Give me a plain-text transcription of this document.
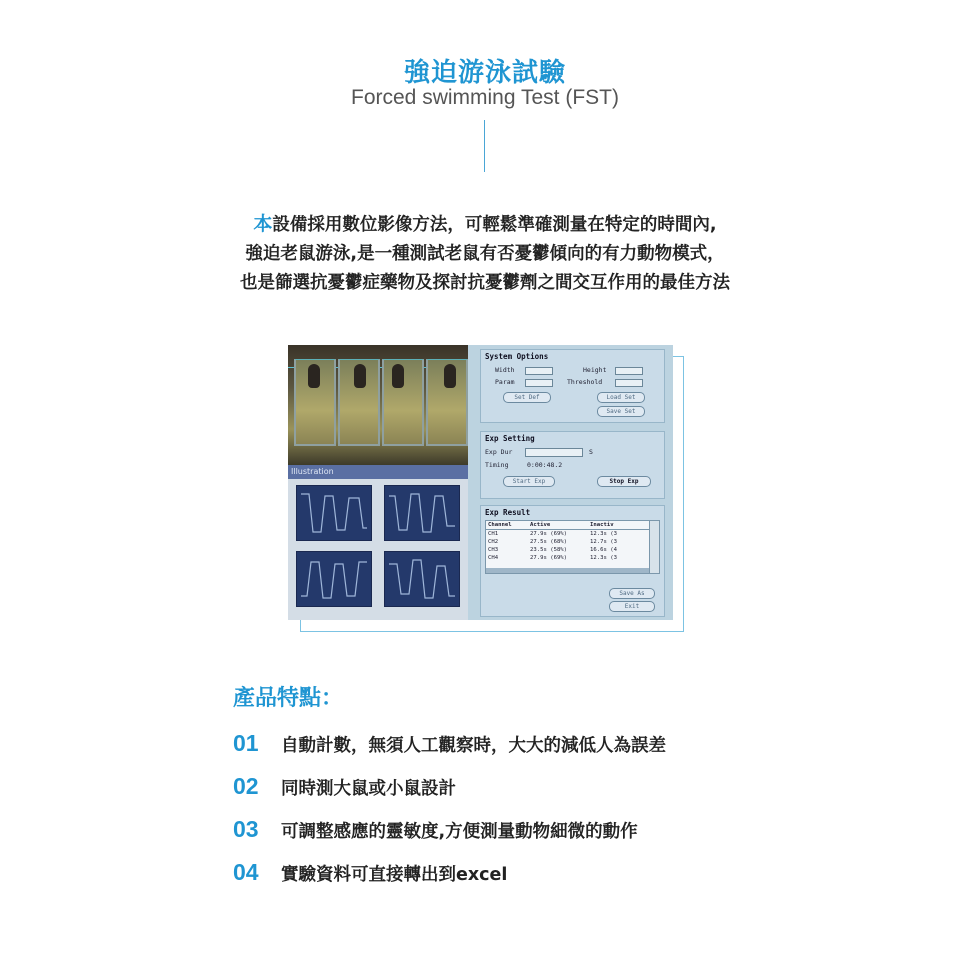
強迫游泳試驗
Forced swimming Test (FST)
本設備採用數位影像方法，可輕鬆準確測量在特定的時間內,
強迫老鼠游泳,是一種測試老鼠有否憂鬱傾向的有力動物模式，
也是篩選抗憂鬱症藥物及探討抗憂鬱劑之間交互作用的最佳方法
Illustration
System Options
Width	Height
Param	Threshold
Set Def	Load Set
Save Set
Exp Setting
Exp Dur	S
Timing	0:00:48.2
Start Exp	Stop Exp
Exp Result
Channel	Active	Inactiv
CH1	27.9s (69%)	12.3s (3
CH2	27.5s (68%)	12.7s (3
CH3	23.5s (58%)	16.6s (4
CH4	27.9s (69%)	12.3s (3
Save As
Exit
產品特點：
01	自動計數，無須人工觀察時，大大的減低人為誤差
02	同時測大鼠或小鼠設計
03	可調整感應的靈敏度,方便測量動物細微的動作
04	實驗資料可直接轉出到excel
